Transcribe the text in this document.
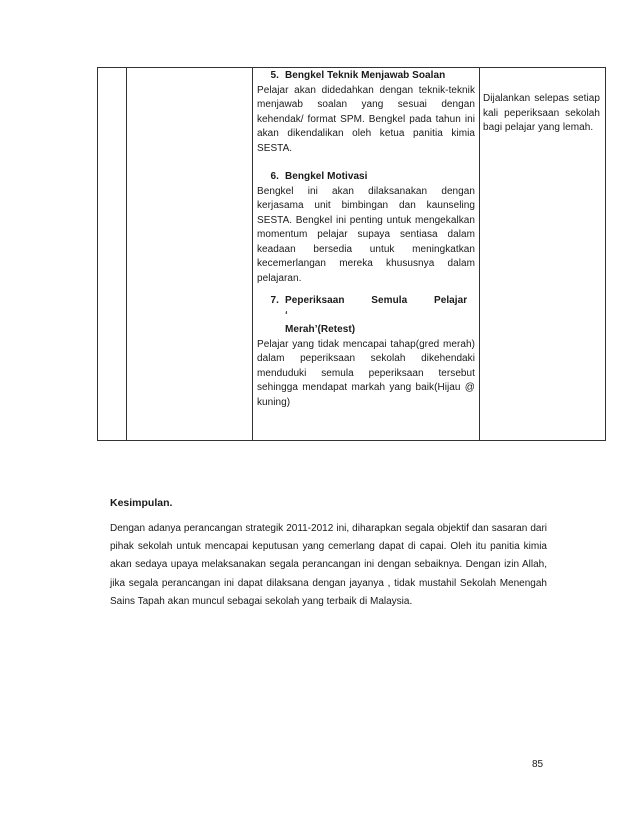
5. Bengkel Teknik Menjawab Soalan

Pelajar akan didedahkan dengan teknik-teknik menjawab soalan yang sesuai dengan kehendak/ format SPM. Bengkel pada tahun ini akan dikendalikan oleh ketua panitia kimia SESTA.

6. Bengkel Motivasi

Bengkel ini akan dilaksanakan dengan kerjasama unit bimbingan dan kaunseling SESTA. Bengkel ini penting untuk mengekalkan momentum pelajar supaya sentiasa dalam keadaan bersedia untuk meningkatkan kecemerlangan mereka khususnya dalam pelajaran.

7. Peperiksaan Semula Pelajar ‘
Merah’(Retest)

Pelajar yang tidak mencapai tahap(gred merah) dalam peperiksaan sekolah dikehendaki menduduki semula peperiksaan tersebut sehingga mendapat markah yang baik(Hijau @ kuning)

Dijalankan selepas setiap kali peperiksaan sekolah bagi pelajar yang lemah.
Kesimpulan.

Dengan adanya perancangan strategik 2011-2012 ini, diharapkan segala objektif dan sasaran dari pihak sekolah untuk mencapai keputusan yang cemerlang dapat di capai. Oleh itu panitia kimia akan sedaya upaya melaksanakan segala perancangan ini dengan sebaiknya. Dengan izin Allah, jika segala perancangan ini dapat dilaksana dengan jayanya , tidak mustahil Sekolah Menengah Sains Tapah akan muncul sebagai sekolah yang terbaik di Malaysia.

85
